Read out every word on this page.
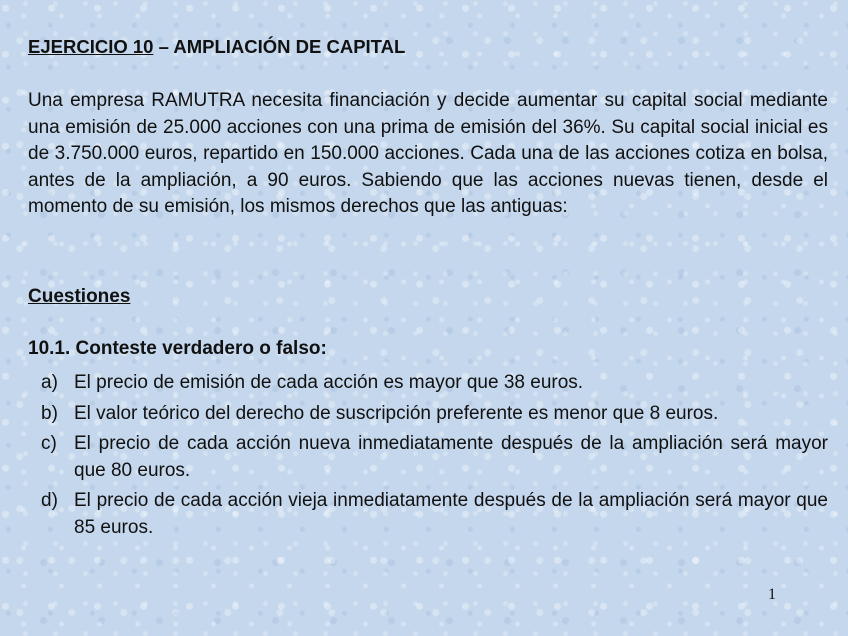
EJERCICIO 10 – AMPLIACIÓN DE CAPITAL

Una empresa RAMUTRA necesita financiación y decide aumentar su capital social mediante una emisión de 25.000 acciones con una prima de emisión del 36%. Su capital social inicial es de 3.750.000 euros, repartido en 150.000 acciones. Cada una de las acciones cotiza en bolsa, antes de la ampliación, a 90 euros. Sabiendo que las acciones nuevas tienen, desde el momento de su emisión, los mismos derechos que las antiguas:

Cuestiones
10.1. Conteste verdadero o falso:
a) El precio de emisión de cada acción es mayor que 38 euros.
b) El valor teórico del derecho de suscripción preferente es menor que 8 euros.
c) El precio de cada acción nueva inmediatamente después de la ampliación será mayor que 80 euros.
d) El precio de cada acción vieja inmediatamente después de la ampliación será mayor que 85 euros.
1
